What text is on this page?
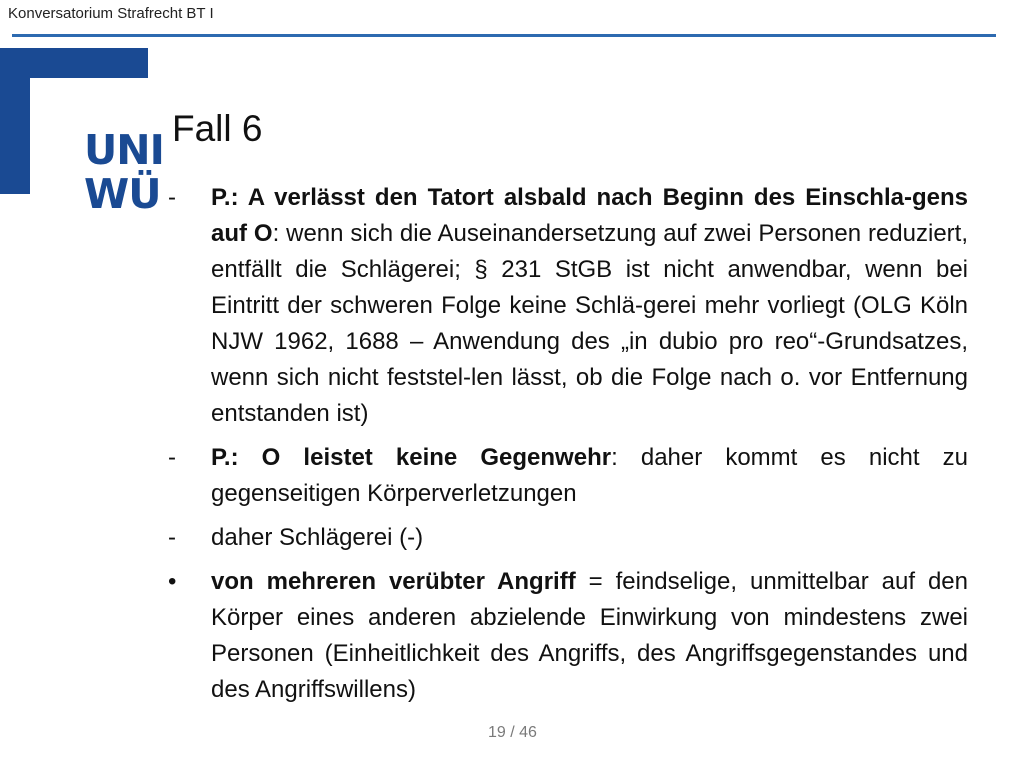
Konversatorium Strafrecht BT I
UNI
WÜ
Fall 6
-	P.: A verlässt den Tatort alsbald nach Beginn des Einschla-gens auf O: wenn sich die Auseinandersetzung auf zwei Personen reduziert, entfällt die Schlägerei; § 231 StGB ist nicht anwendbar, wenn bei Eintritt der schweren Folge keine Schlä-gerei mehr vorliegt (OLG Köln NJW 1962, 1688 – Anwendung des „in dubio pro reo“-Grundsatzes, wenn sich nicht feststel-len lässt, ob die Folge nach o. vor Entfernung entstanden ist)
-	P.: O leistet keine Gegenwehr: daher kommt es nicht zu gegenseitigen Körperverletzungen
-	daher Schlägerei (-)
•	von mehreren verübter Angriff = feindselige, unmittelbar auf den Körper eines anderen abzielende Einwirkung von mindestens zwei Personen (Einheitlichkeit des Angriffs, des Angriffsgegenstandes und des Angriffswillens)
19 / 46
